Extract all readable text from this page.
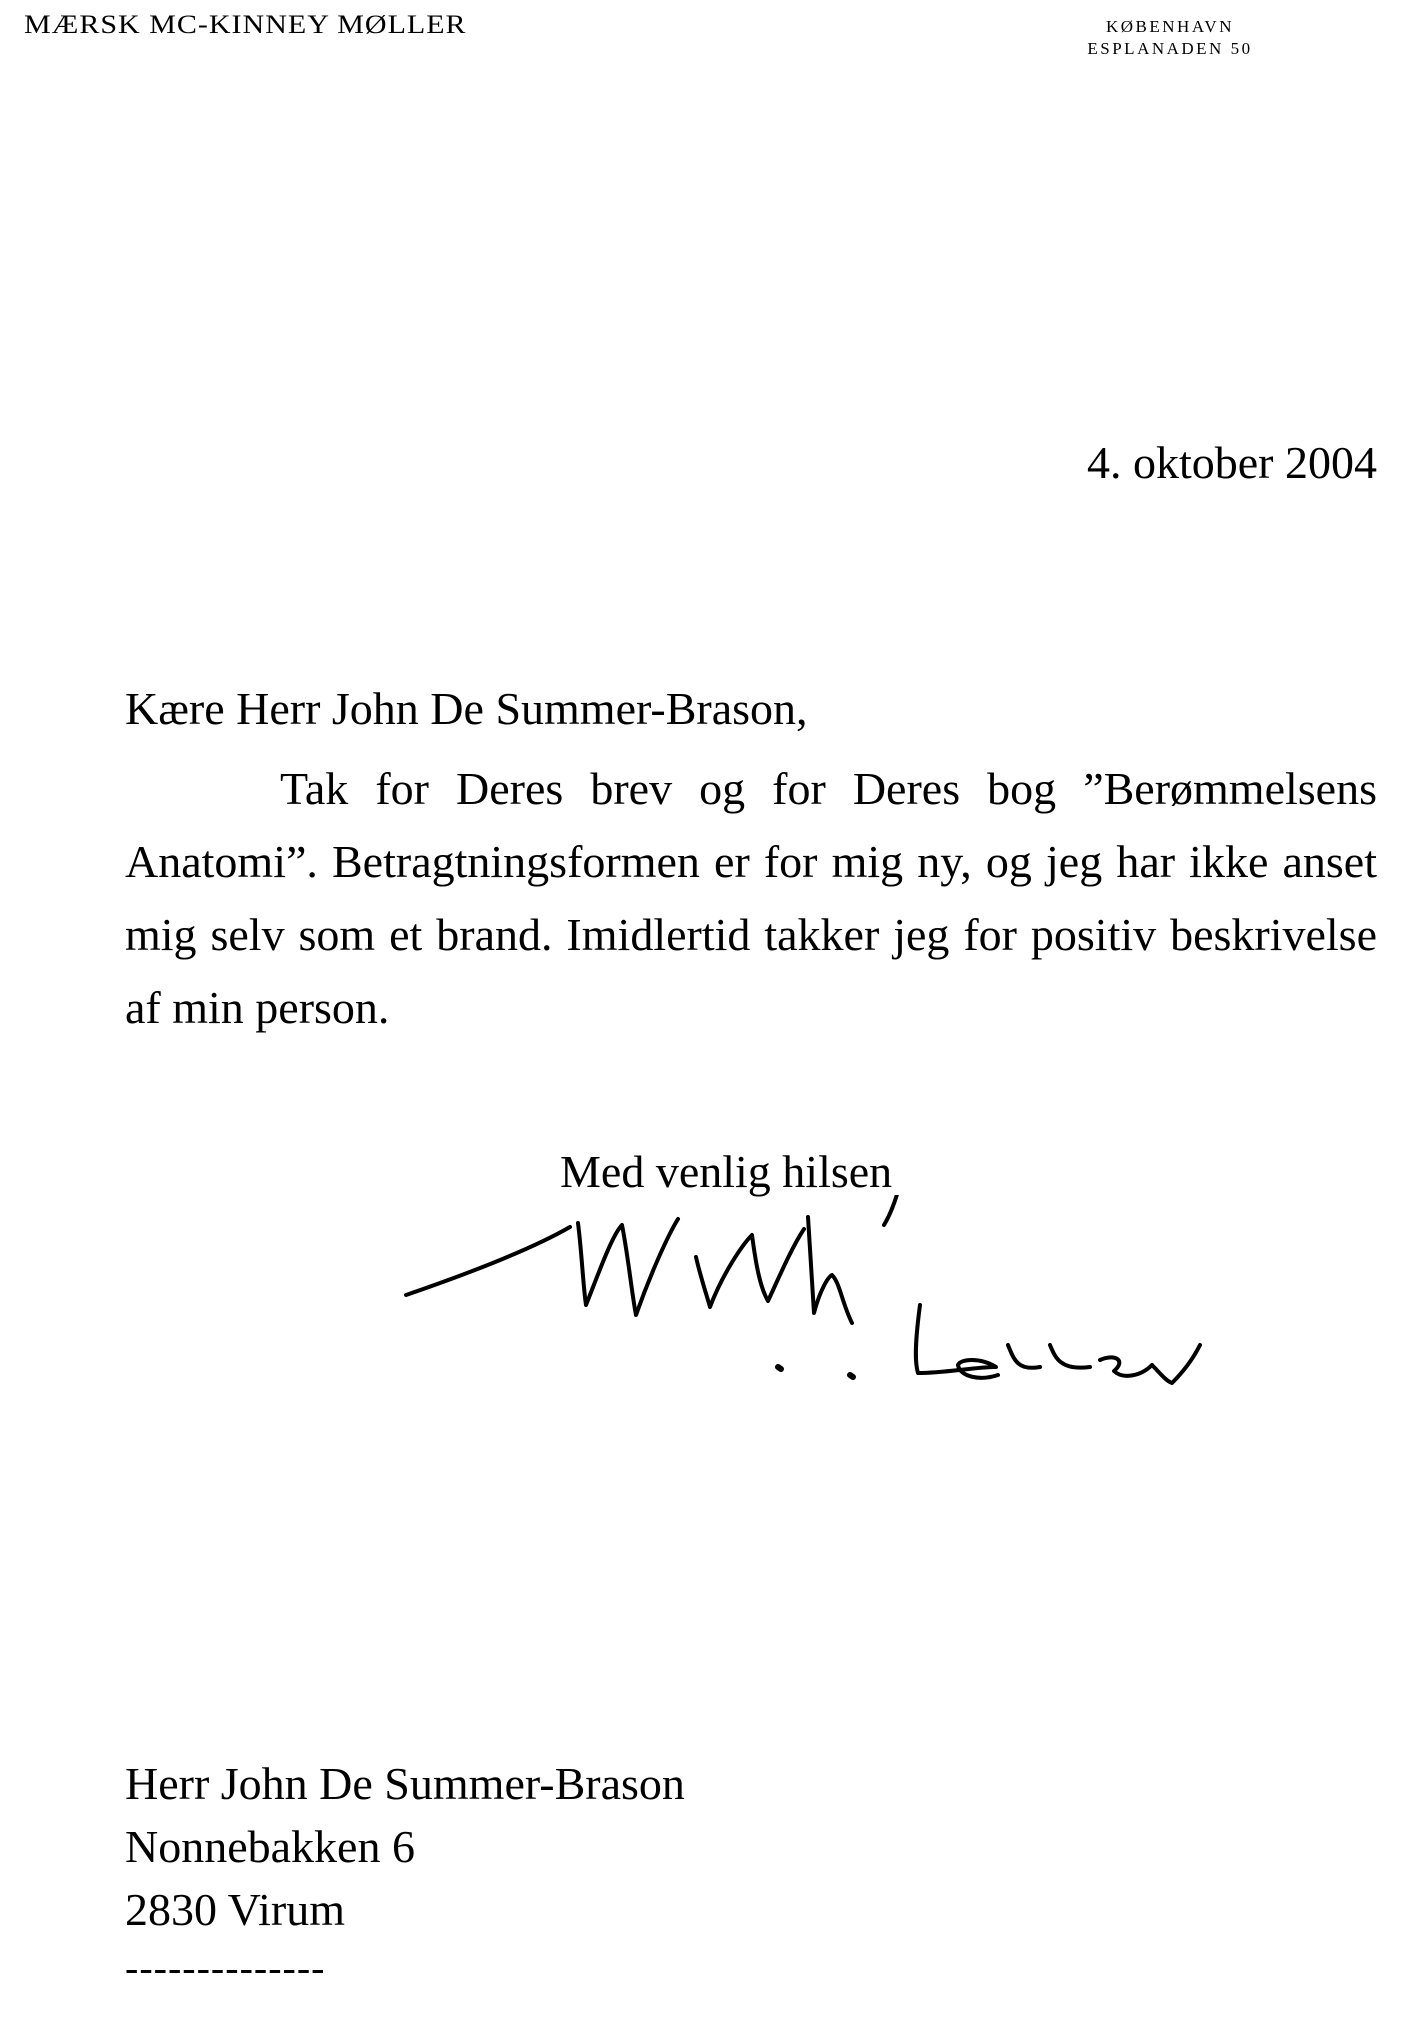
MÆRSK MC-KINNEY MØLLER	KØBENHAVN
ESPLANADEN 50
4. oktober 2004
Kære Herr John De Summer-Brason,

Tak for Deres brev og for Deres bog ”Berømmelsens Anatomi”. Betragtningsformen er for mig ny, og jeg har ikke anset mig selv som et brand. Imidlertid takker jeg for positiv beskrivelse af min person.

Med venlig hilsen
M. Mc-Kinney Møller
Herr John De Summer-Brason
Nonnebakken 6
2830 Virum
--------------
